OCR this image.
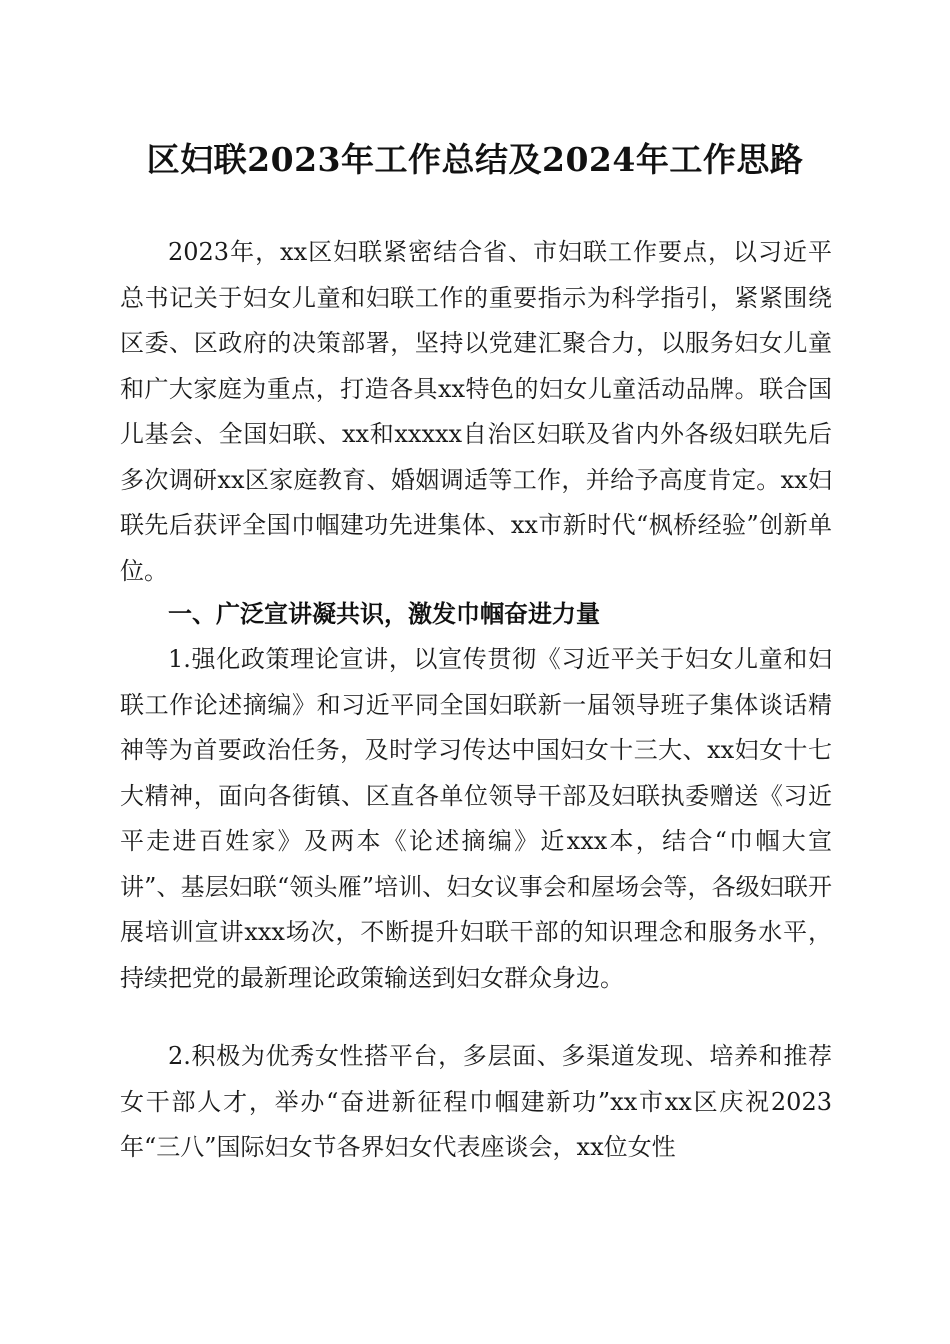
区妇联2023年工作总结及2024年工作思路

2023年，xx区妇联紧密结合省、市妇联工作要点，以习近平总书记关于妇女儿童和妇联工作的重要指示为科学指引，紧紧围绕区委、区政府的决策部署，坚持以党建汇聚合力，以服务妇女儿童和广大家庭为重点，打造各具xx特色的妇女儿童活动品牌。联合国儿基会、全国妇联、xx和xxxxx自治区妇联及省内外各级妇联先后多次调研xx区家庭教育、婚姻调适等工作，并给予高度肯定。xx妇联先后获评全国巾帼建功先进集体、xx市新时代“枫桥经验”创新单位。

一、广泛宣讲凝共识，激发巾帼奋进力量

1.强化政策理论宣讲，以宣传贯彻《习近平关于妇女儿童和妇联工作论述摘编》和习近平同全国妇联新一届领导班子集体谈话精神等为首要政治任务，及时学习传达中国妇女十三大、xx妇女十七大精神，面向各街镇、区直各单位领导干部及妇联执委赠送《习近平走进百姓家》及两本《论述摘编》近xxx本，结合“巾帼大宣讲”、基层妇联“领头雁”培训、妇女议事会和屋场会等，各级妇联开展培训宣讲xxx场次，不断提升妇联干部的知识理念和服务水平，持续把党的最新理论政策输送到妇女群众身边。

2.积极为优秀女性搭平台，多层面、多渠道发现、培养和推荐女干部人才，举办“奋进新征程巾帼建新功”xx市xx区庆祝2023年“三八”国际妇女节各界妇女代表座谈会，xx位女性
